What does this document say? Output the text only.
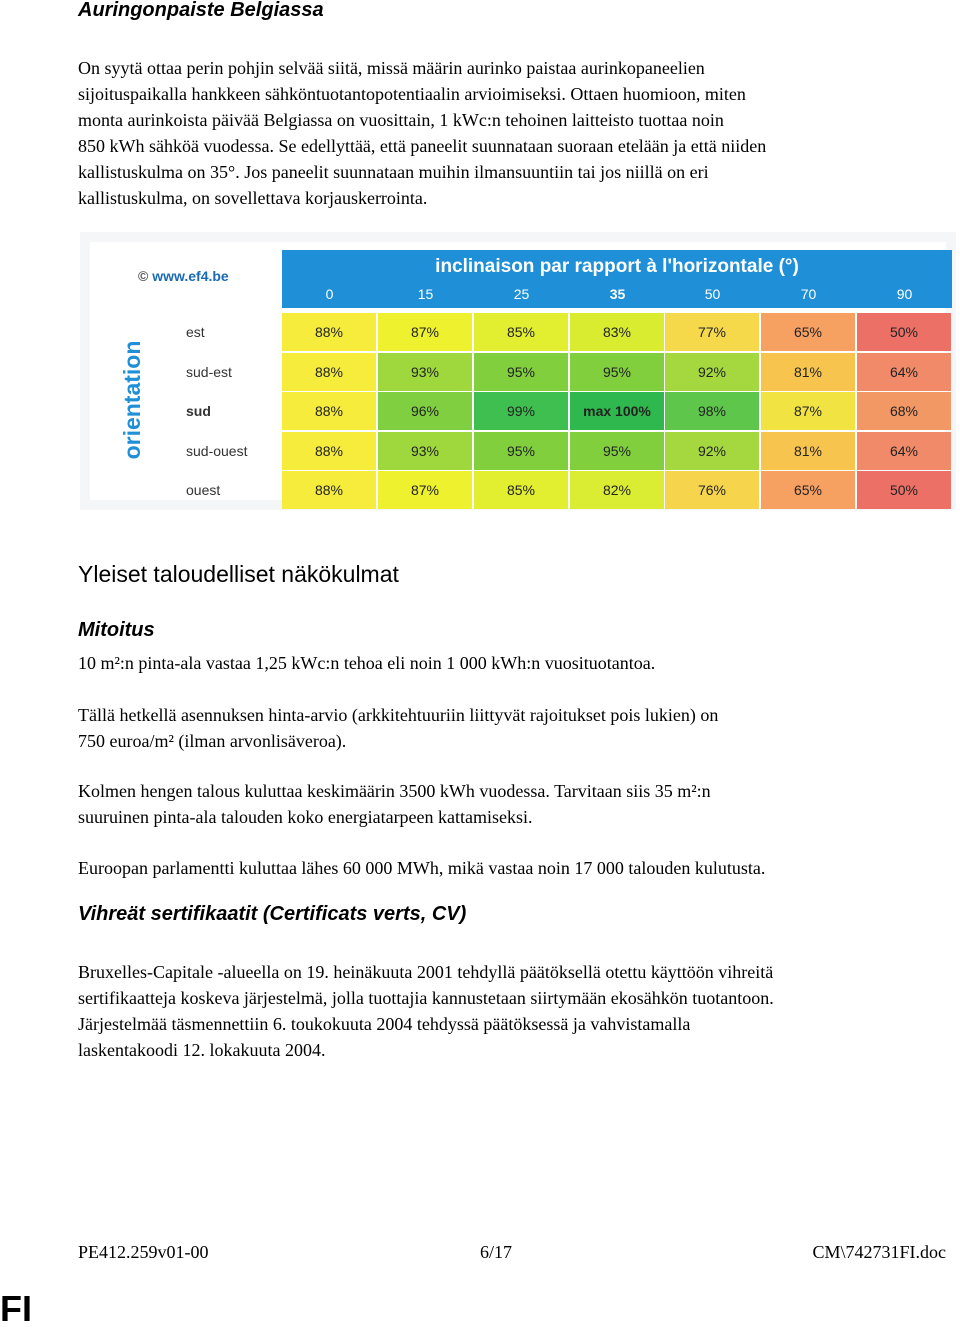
Auringonpaiste Belgiassa
On syytä ottaa perin pohjin selvää siitä, missä määrin aurinko paistaa aurinkopaneelien
sijoituspaikalla hankkeen sähköntuotantopotentiaalin arvioimiseksi. Ottaen huomioon, miten
monta aurinkoista päivää Belgiassa on vuosittain, 1 kWc:n tehoinen laitteisto tuottaa noin
850 kWh sähköä vuodessa. Se edellyttää, että paneelit suunnataan suoraan etelään ja että niiden
kallistuskulma on 35°. Jos paneelit suunnataan muihin ilmansuuntiin tai jos niillä on eri
kallistuskulma, on sovellettava korjauskerrointa.
© www.ef4.be	inclinaison par rapport à l'horizontale (°)
0	15	25	35	50	70	90
orientation
est	88%	87%	85%	83%	77%	65%	50%
sud-est	88%	93%	95%	95%	92%	81%	64%
sud	88%	96%	99%	max 100%	98%	87%	68%
sud-ouest	88%	93%	95%	95%	92%	81%	64%
ouest	88%	87%	85%	82%	76%	65%	50%
Yleiset taloudelliset näkökulmat
Mitoitus
10 m²:n pinta-ala vastaa 1,25 kWc:n tehoa eli noin 1 000 kWh:n vuosituotantoa.
Tällä hetkellä asennuksen hinta-arvio (arkkitehtuuriin liittyvät rajoitukset pois lukien) on
750 euroa/m² (ilman arvonlisäveroa).
Kolmen hengen talous kuluttaa keskimäärin 3500 kWh vuodessa. Tarvitaan siis 35 m²:n
suuruinen pinta-ala talouden koko energiatarpeen kattamiseksi.
Euroopan parlamentti kuluttaa lähes 60 000 MWh, mikä vastaa noin 17 000 talouden kulutusta.
Vihreät sertifikaatit (Certificats verts, CV)
Bruxelles-Capitale -alueella on 19. heinäkuuta 2001 tehdyllä päätöksellä otettu käyttöön vihreitä
sertifikaatteja koskeva järjestelmä, jolla tuottajia kannustetaan siirtymään ekosähkön tuotantoon.
Järjestelmää täsmennettiin 6. toukokuuta 2004 tehdyssä päätöksessä ja vahvistamalla
laskentakoodi 12. lokakuuta 2004.
PE412.259v01-00	6/17	CM\742731FI.doc
FI
